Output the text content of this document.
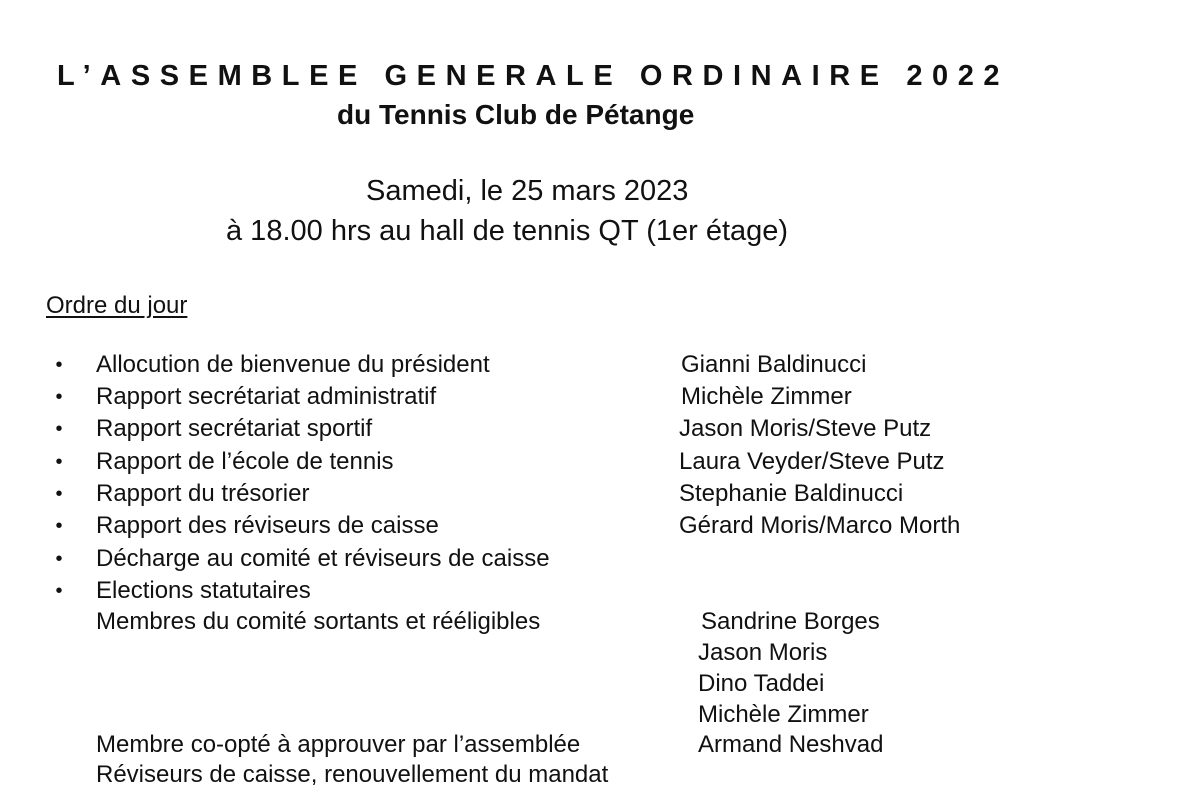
L’ASSEMBLEE GENERALE ORDINAIRE 2022
du Tennis Club de Pétange
Samedi, le 25 mars 2023
à 18.00 hrs au hall de tennis QT (1er étage)
Ordre du jour
• Allocution de bienvenue du président	Gianni Baldinucci
• Rapport secrétariat administratif	Michèle Zimmer
• Rapport secrétariat sportif	Jason Moris/Steve Putz
• Rapport de l’école de tennis	Laura Veyder/Steve Putz
• Rapport du trésorier	Stephanie Baldinucci
• Rapport des réviseurs de caisse	Gérard Moris/Marco Morth
• Décharge au comité et réviseurs de caisse
• Elections statutaires
Membres du comité sortants et rééligibles	Sandrine Borges
Jason Moris
Dino Taddei
Michèle Zimmer
Membre co-opté à approuver par l’assemblée	Armand Neshvad
Réviseurs de caisse, renouvellement du mandat
